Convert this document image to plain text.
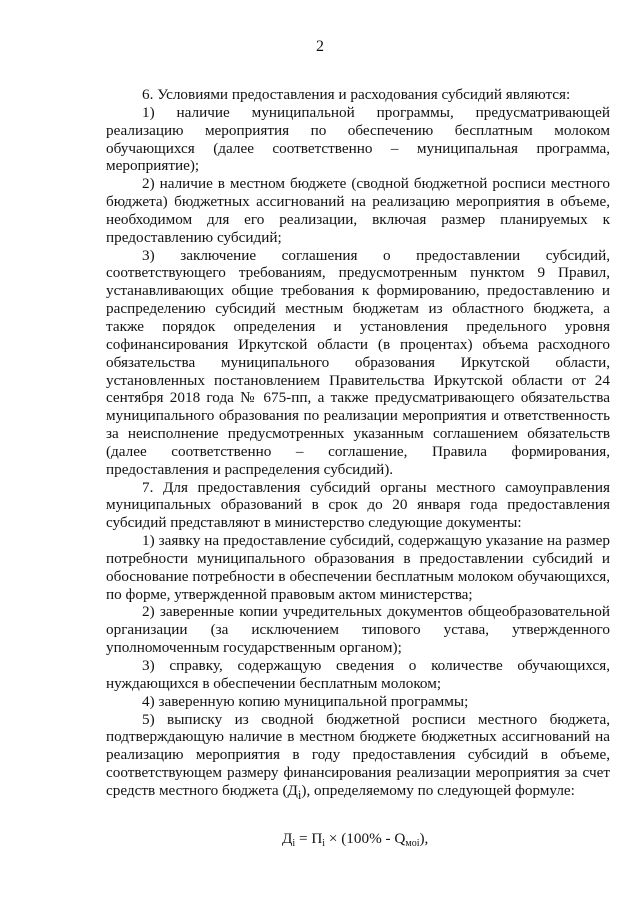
2

6. Условиями предоставления и расходования субсидий являются:

1) наличие муниципальной программы, предусматривающей реализацию мероприятия по обеспечению бесплатным молоком обучающихся (далее соответственно – муниципальная программа, мероприятие);

2) наличие в местном бюджете (сводной бюджетной росписи местного бюджета) бюджетных ассигнований на реализацию мероприятия в объеме, необходимом для его реализации, включая размер планируемых к предоставлению субсидий;

3) заключение соглашения о предоставлении субсидий, соответствующего требованиям, предусмотренным пунктом 9 Правил, устанавливающих общие требования к формированию, предоставлению и распределению субсидий местным бюджетам из областного бюджета, а также порядок определения и установления предельного уровня софинансирования Иркутской области (в процентах) объема расходного обязательства муниципального образования Иркутской области, установленных постановлением Правительства Иркутской области от 24 сентября 2018 года № 675-пп, а также предусматривающего обязательства муниципального образования по реализации мероприятия и ответственность за неисполнение предусмотренных указанным соглашением обязательств (далее соответственно – соглашение, Правила формирования, предоставления и распределения субсидий).

7. Для предоставления субсидий органы местного самоуправления муниципальных образований в срок до 20 января года предоставления субсидий представляют в министерство следующие документы:

1) заявку на предоставление субсидий, содержащую указание на размер потребности муниципального образования в предоставлении субсидий и обоснование потребности в обеспечении бесплатным молоком обучающихся, по форме, утвержденной правовым актом министерства;

2) заверенные копии учредительных документов общеобразовательной организации (за исключением типового устава, утвержденного уполномоченным государственным органом);

3) справку, содержащую сведения о количестве обучающихся, нуждающихся в обеспечении бесплатным молоком;

4) заверенную копию муниципальной программы;

5) выписку из сводной бюджетной росписи местного бюджета, подтверждающую наличие в местном бюджете бюджетных ассигнований на реализацию мероприятия в году предоставления субсидий в объеме, соответствующем размеру финансирования реализации мероприятия за счет средств местного бюджета $(Д_i)$, определяемому по следующей формуле:

$Д_i = П_i \times (100\% - Q_{моi})$,
